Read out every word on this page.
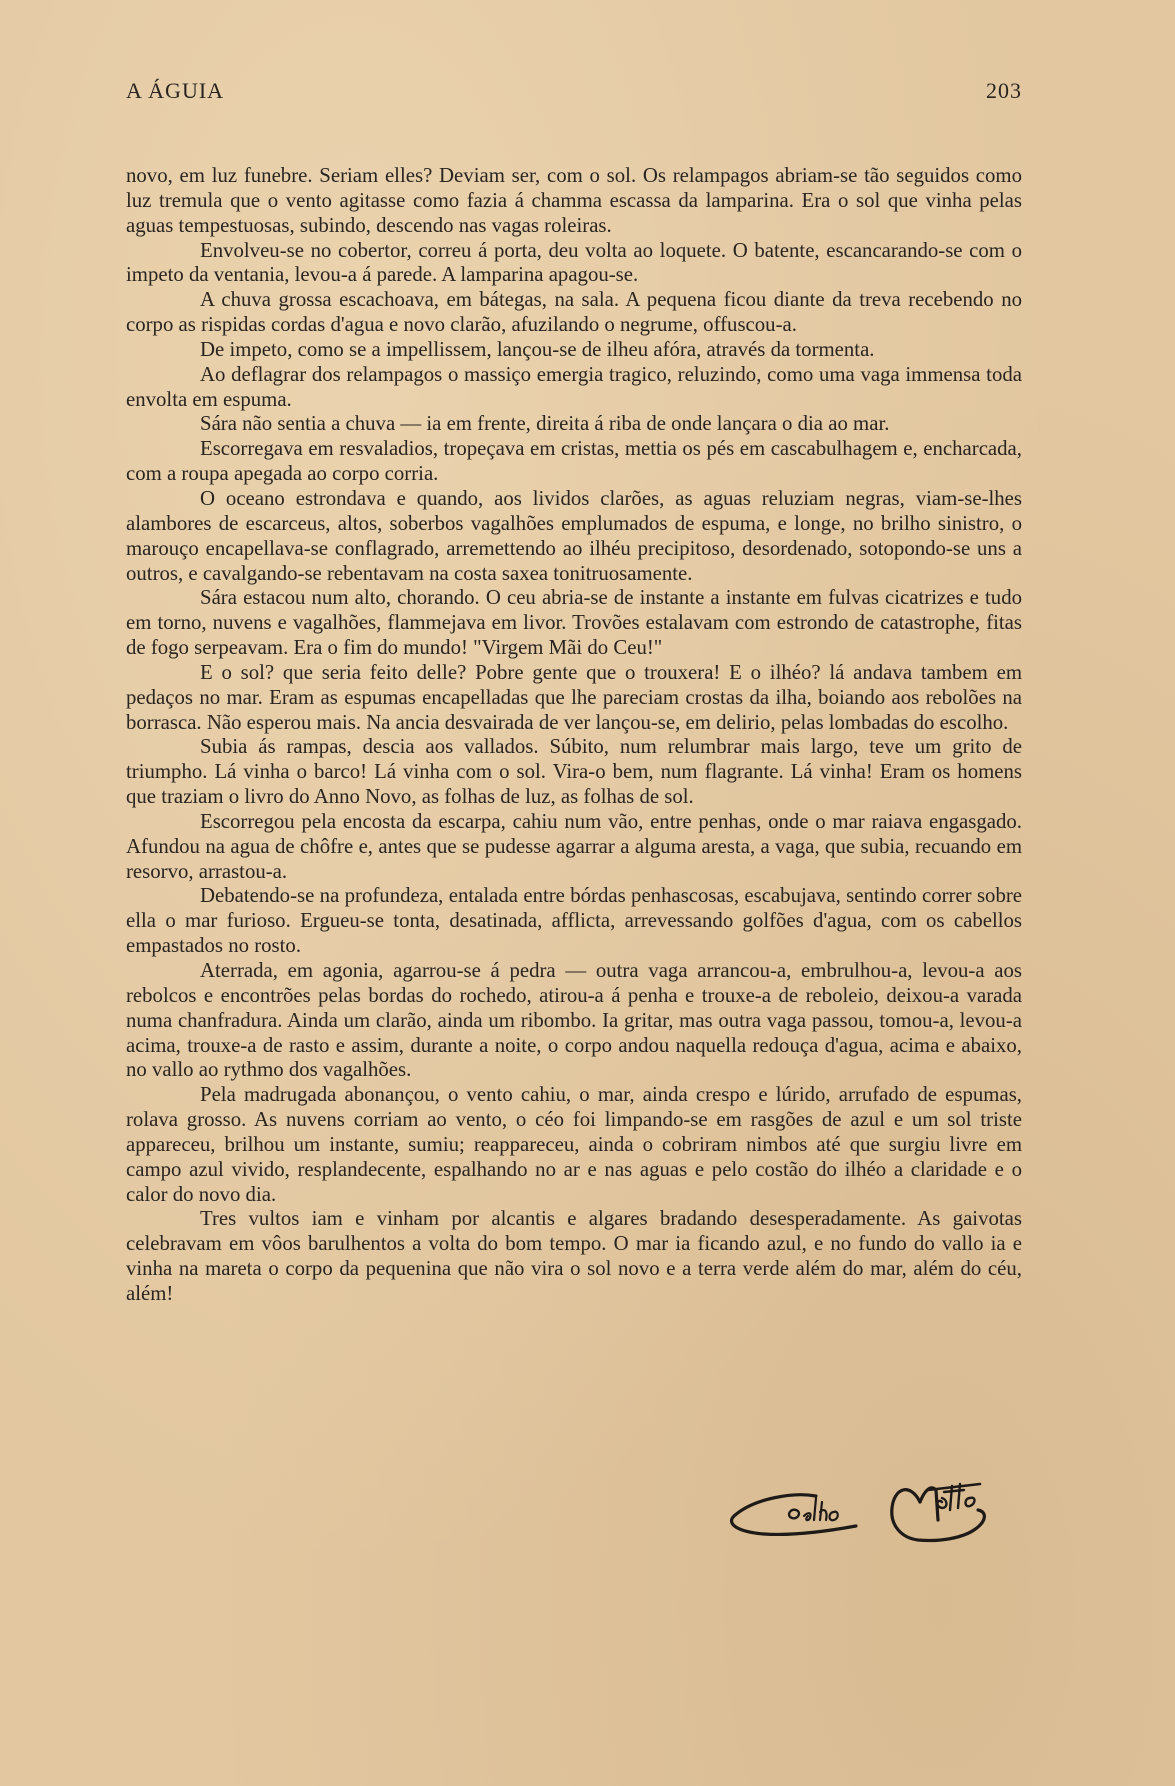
A ÁGUIA	203

novo, em luz funebre. Seriam elles? Deviam ser, com o sol. Os relampagos abriam-se tão seguidos como luz tremula que o vento agitasse como fazia á chamma escassa da lamparina. Era o sol que vinha pelas aguas tempestuosas, subindo, descendo nas vagas roleiras.

Envolveu-se no cobertor, correu á porta, deu volta ao loquete. O batente, escancarando-se com o impeto da ventania, levou-a á parede. A lamparina apagou-se.

A chuva grossa escachoava, em bátegas, na sala. A pequena ficou diante da treva recebendo no corpo as rispidas cordas d'agua e novo clarão, afuzilando o negrume, offuscou-a.

De impeto, como se a impellissem, lançou-se de ilheu afóra, através da tormenta.

Ao deflagrar dos relampagos o massiço emergia tragico, reluzindo, como uma vaga immensa toda envolta em espuma.

Sára não sentia a chuva — ia em frente, direita á riba de onde lançara o dia ao mar.

Escorregava em resvaladios, tropeçava em cristas, mettia os pés em cascabulhagem e, encharcada, com a roupa apegada ao corpo corria.

O oceano estrondava e quando, aos lividos clarões, as aguas reluziam negras, viam-se-lhes alambores de escarceus, altos, soberbos vagalhões emplumados de espuma, e longe, no brilho sinistro, o marouço encapellava-se conflagrado, arremettendo ao ilhéu precipitoso, desordenado, sotopondo-se uns a outros, e cavalgando-se rebentavam na costa saxea tonitruosamente.

Sára estacou num alto, chorando. O ceu abria-se de instante a instante em fulvas cicatrizes e tudo em torno, nuvens e vagalhões, flammejava em livor. Trovões estalavam com estrondo de catastrophe, fitas de fogo serpeavam. Era o fim do mundo! "Virgem Mãi do Ceu!"

E o sol? que seria feito delle? Pobre gente que o trouxera! E o ilhéo? lá andava tambem em pedaços no mar. Eram as espumas encapelladas que lhe pareciam crostas da ilha, boiando aos rebolões na borrasca. Não esperou mais. Na ancia desvairada de ver lançou-se, em delirio, pelas lombadas do escolho.

Subia ás rampas, descia aos vallados. Súbito, num relumbrar mais largo, teve um grito de triumpho. Lá vinha o barco! Lá vinha com o sol. Vira-o bem, num flagrante. Lá vinha! Eram os homens que traziam o livro do Anno Novo, as folhas de luz, as folhas de sol.

Escorregou pela encosta da escarpa, cahiu num vão, entre penhas, onde o mar raiava engasgado. Afundou na agua de chôfre e, antes que se pudesse agarrar a alguma aresta, a vaga, que subia, recuando em resorvo, arrastou-a.

Debatendo-se na profundeza, entalada entre bórdas penhascosas, escabujava, sentindo correr sobre ella o mar furioso. Ergueu-se tonta, desatinada, afflicta, arrevessando golfões d'agua, com os cabellos empastados no rosto.

Aterrada, em agonia, agarrou-se á pedra — outra vaga arrancou-a, embrulhou-a, levou-a aos rebolcos e encontrões pelas bordas do rochedo, atirou-a á penha e trouxe-a de reboleio, deixou-a varada numa chanfradura. Ainda um clarão, ainda um ribombo. Ia gritar, mas outra vaga passou, tomou-a, levou-a acima, trouxe-a de rasto e assim, durante a noite, o corpo andou naquella redouça d'agua, acima e abaixo, no vallo ao rythmo dos vagalhões.

Pela madrugada abonançou, o vento cahiu, o mar, ainda crespo e lúrido, arrufado de espumas, rolava grosso. As nuvens corriam ao vento, o céo foi limpando-se em rasgões de azul e um sol triste appareceu, brilhou um instante, sumiu; reappareceu, ainda o cobriram nimbos até que surgiu livre em campo azul vivido, resplandecente, espalhando no ar e nas aguas e pelo costão do ilhéo a claridade e o calor do novo dia.

Tres vultos iam e vinham por alcantis e algares bradando desesperadamente. As gaivotas celebravam em vôos barulhentos a volta do bom tempo. O mar ia ficando azul, e no fundo do vallo ia e vinha na mareta o corpo da pequenina que não vira o sol novo e a terra verde além do mar, além do céu, além!
